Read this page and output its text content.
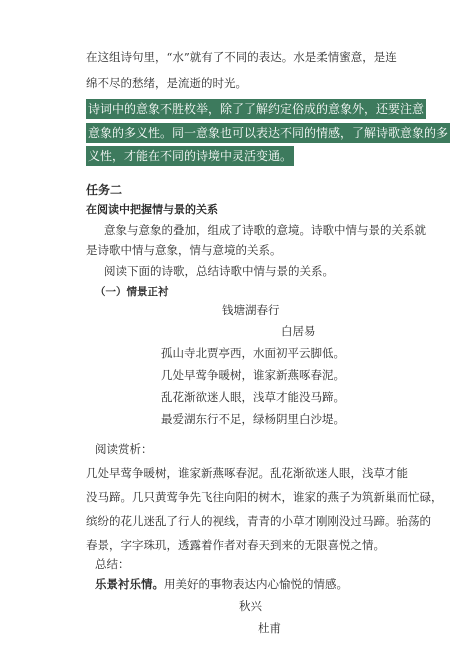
在这组诗句里，“水”就有了不同的表达。水是柔情蜜意，是连
绵不尽的愁绪，是流逝的时光。
诗词中的意象不胜枚举，除了了解约定俗成的意象外，还要注意
意象的多义性。同一意象也可以表达不同的情感，了解诗歌意象的多
义性，才能在不同的诗境中灵活变通。
任务二
在阅读中把握情与景的关系
意象与意象的叠加，组成了诗歌的意境。诗歌中情与景的关系就
是诗歌中情与意象，情与意境的关系。
阅读下面的诗歌，总结诗歌中情与景的关系。
（一）情景正衬
钱塘湖春行
白居易
孤山寺北贾亭西，水面初平云脚低。
几处早莺争暖树，谁家新燕啄春泥。
乱花渐欲迷人眼，浅草才能没马蹄。
最爱湖东行不足，绿杨阴里白沙堤。
阅读赏析：
几处早莺争暖树，谁家新燕啄春泥。乱花渐欲迷人眼，浅草才能
没马蹄。几只黄莺争先飞往向阳的树木，谁家的燕子为筑新巢而忙碌，
缤纷的花儿迷乱了行人的视线，青青的小草才刚刚没过马蹄。骀荡的
春景，字字珠玑，透露着作者对春天到来的无限喜悦之情。
总结：
乐景衬乐情。用美好的事物表达内心愉悦的情感。
秋兴
杜甫
